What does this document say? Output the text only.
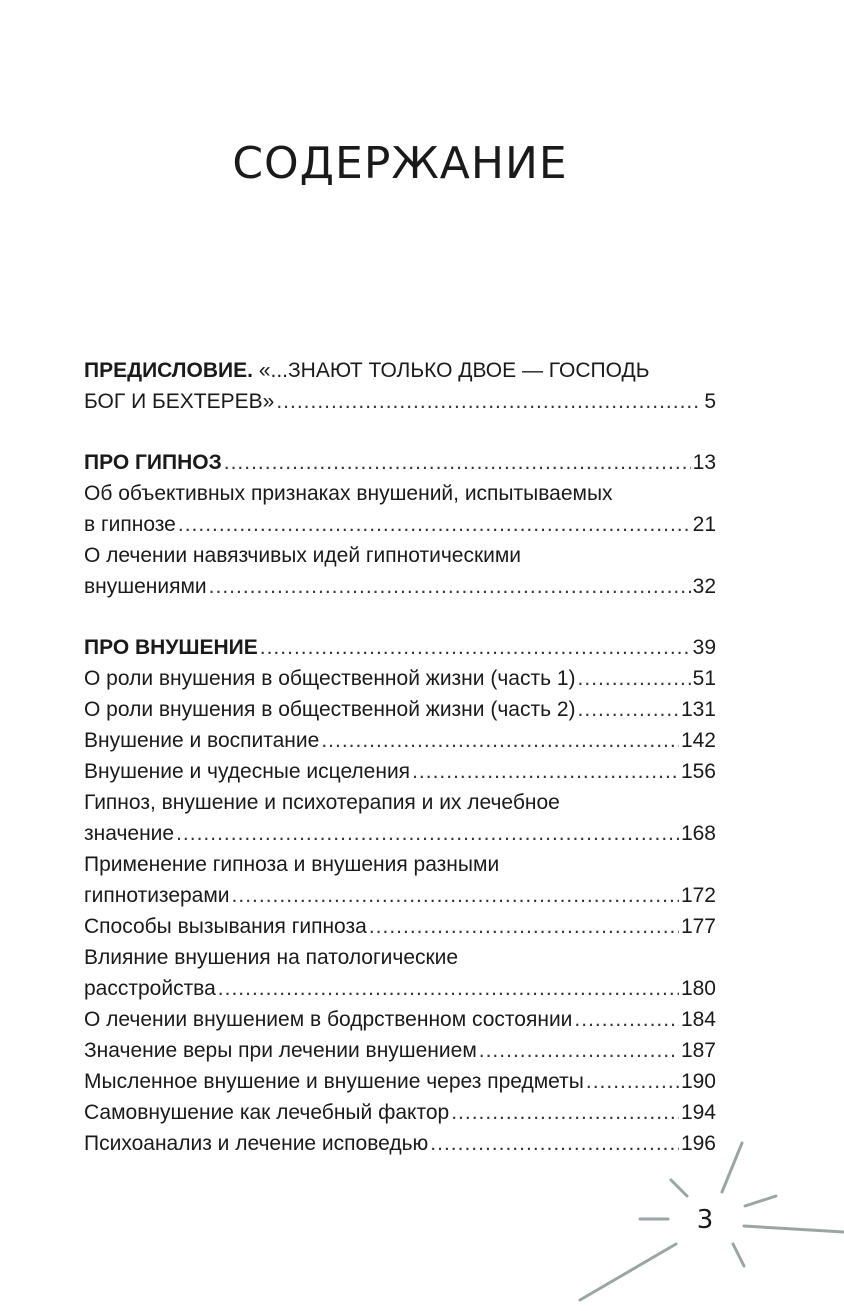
СОДЕРЖАНИЕ
ПРЕДИСЛОВИЕ. «...ЗНАЮТ ТОЛЬКО ДВОЕ — ГОСПОДЬ
БОГ И БЕХТЕРЕВ» .....	5
ПРО ГИПНОЗ .....	13
Об объективных признаках внушений, испытываемых
в гипнозе .....	21
О лечении навязчивых идей гипнотическими
внушениями .....	32
ПРО ВНУШЕНИЕ .....	39
О роли внушения в общественной жизни (часть 1) .....	51
О роли внушения в общественной жизни (часть 2) .....	131
Внушение и воспитание .....	142
Внушение и чудесные исцеления .....	156
Гипноз, внушение и психотерапия и их лечебное
значение .....	168
Применение гипноза и внушения разными
гипнотизерами .....	172
Способы вызывания гипноза .....	177
Влияние внушения на патологические
расстройства .....	180
О лечении внушением в бодрственном состоянии .....	184
Значение веры при лечении внушением .....	187
Мысленное внушение и внушение через предметы .....	190
Самовнушение как лечебный фактор .....	194
Психоанализ и лечение исповедью .....	196
3
